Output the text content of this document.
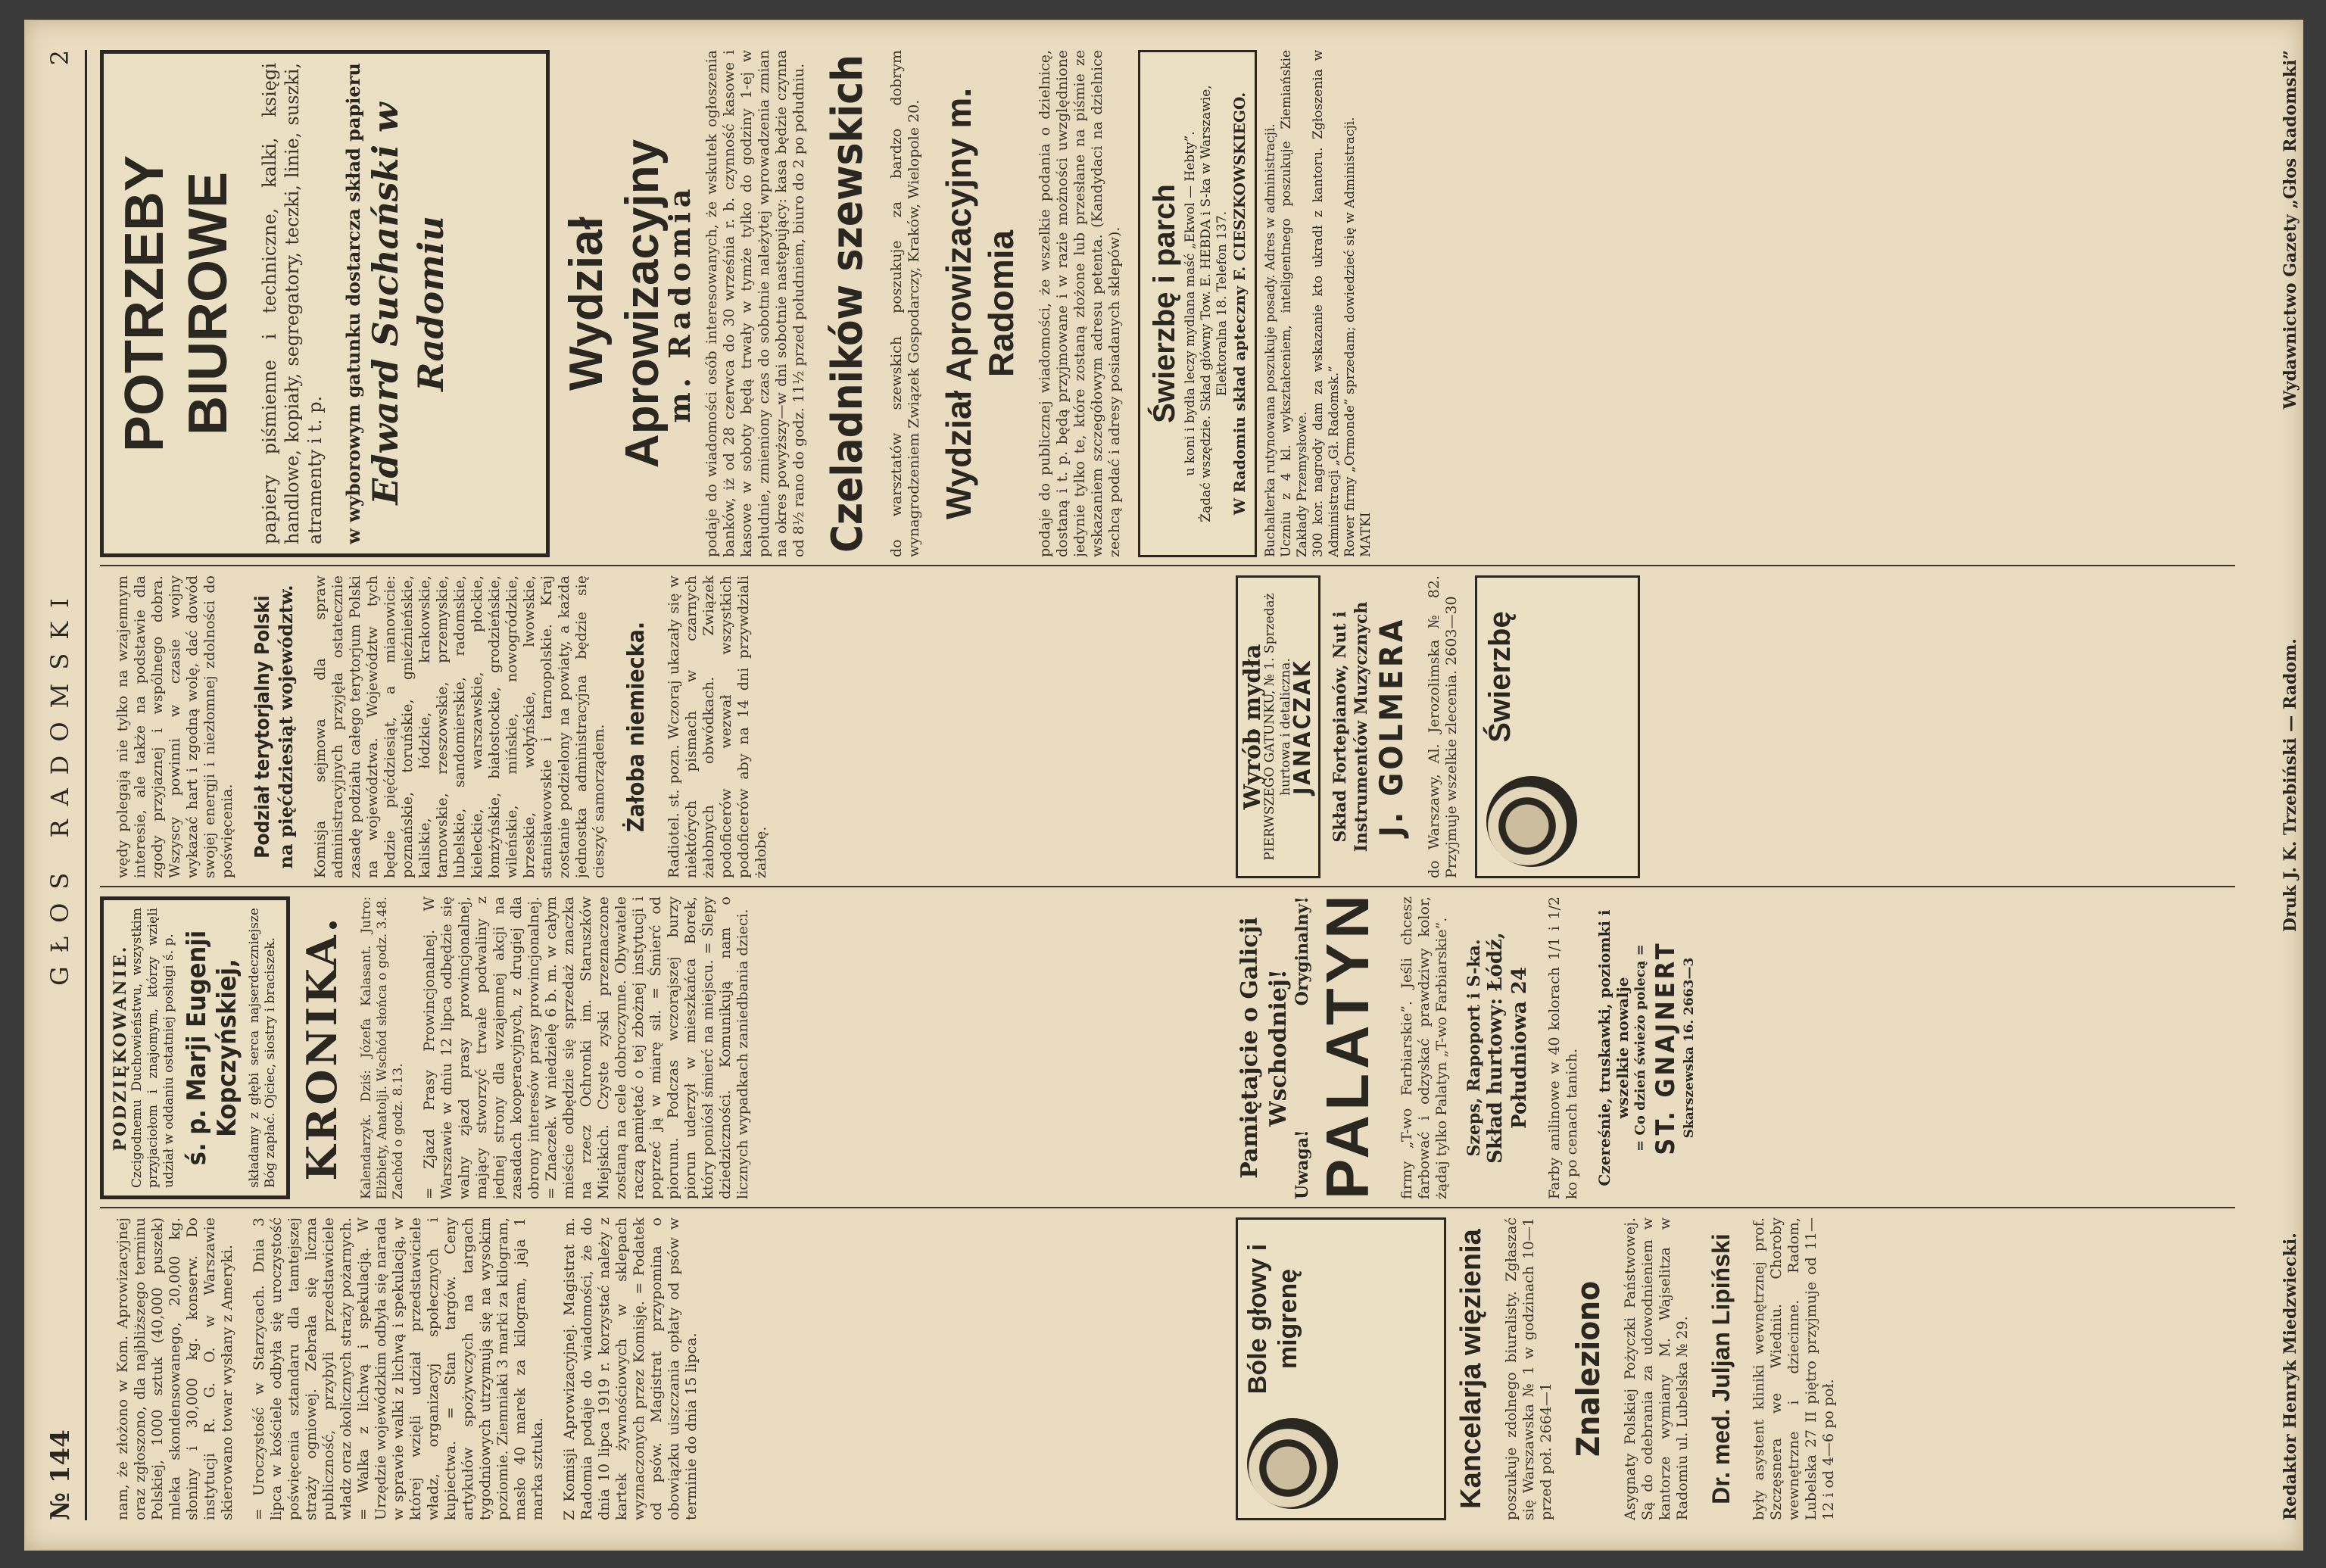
№ 144
GŁOS RADOMSKI
2

nam, że złożono w Kom. Aprowizacyjnej oraz zgłoszono, dla najbliższego terminu Polskiej, 1000 sztuk (40,000 puszek) mleka skondensowanego, 20,000 kg. słoniny i 30,000 kg. konserw. Do instytucji R. G. O. w Warszawie skierowano towar wysłany z Ameryki. = Uroczystość w Starzycach. Dnia 3 lipca w kościele odbyła się uroczystość poświęcenia sztandaru dla tamtejszej straży ogniowej. Zebrała się liczna publiczność, przybyli przedstawiciele władz oraz okolicznych straży pożarnych. = Walka z lichwą i spekulacją. W Urzędzie wojewódzkim odbyła się narada w sprawie walki z lichwą i spekulacją, w której wzięli udział przedstawiciele władz, organizacyj społecznych i kupiectwa. = Stan targów. Ceny artykułów spożywczych na targach tygodniowych utrzymują się na wysokim poziomie. Ziemniaki 3 marki za kilogram, masło 40 marek za kilogram, jaja 1 marka sztuka. Z Komisji Aprowizacyjnej. Magistrat m. Radomia podaje do wiadomości, że do dnia 10 lipca 1919 r. korzystać należy z kartek żywnościowych w sklepach wyznaczonych przez Komisję. = Podatek od psów. Magistrat przypomina o obowiązku uiszczania opłaty od psów w terminie do dnia 15 lipca.

PODZIĘKOWANIE. Czcigodnemu Duchowieństwu, wszystkim przyjaciołom i znajomym, którzy wzięli udział w oddaniu ostatniej posługi ś. p. ś. p. Marji Eugenji Kopczyńskiej, składamy z głębi serca najserdeczniejsze Bóg zapłać. Ojciec, siostry i braciszek. KRONIKA. Kalendarzyk. Dziś: Józefa Kalasant. Jutro: Elżbiety, Anatolji. Wschód słońca o godz. 3.48. Zachód o godz. 8.13. = Zjazd Prasy Prowincjonalnej. W Warszawie w dniu 12 lipca odbędzie się walny zjazd prasy prowincjonalnej, mający stworzyć trwałe podwaliny z jednej strony dla wzajemnej akcji na zasadach kooperacyjnych, z drugiej dla obrony interesów prasy prowincjonalnej. = Znaczek. W niedzielę 6 b. m. w całym mieście odbędzie się sprzedaż znaczka na rzecz Ochronki im. Staruszków Miejskich. Czyste zyski przeznaczone zostaną na cele dobroczynne. Obywatele raczą pamiętać o tej zbożnej instytucji i poprzeć ją w miarę sił. = Śmierć od piorunu. Podczas wczorajszej burzy piorun uderzył w mieszkańca Borek, który poniósł śmierć na miejscu. = Ślepy dziedziczności. Komunikują nam o licznych wypadkach zaniedbania dzieci.

wędy polegają nie tylko na wzajemnym interesie, ale także na podstawie dla zgody przyjaznej i wspólnego dobra. Wszyscy powinni w czasie wojny wykazać hart i zgodną wolę, dać dowód swojej energji i niezłomnej zdolności do poświęcenia. Podział terytorjalny Polski na pięćdziesiąt województw. Komisja sejmowa dla spraw administracyjnych przyjęła ostatecznie zasadę podziału całego terytorjum Polski na województwa. Województw tych będzie pięćdziesiąt, a mianowicie: poznańskie, toruńskie, gnieźnieńskie, kaliskie, łódzkie, krakowskie, tarnowskie, rzeszowskie, przemyskie, lubelskie, sandomierskie, radomskie, kieleckie, warszawskie, płockie, łomżyńskie, białostockie, grodzieńskie, wileńskie, mińskie, nowogródzkie, brzeskie, wołyńskie, lwowskie, stanisławowskie i tarnopolskie. Kraj zostanie podzielony na powiaty, a każda jednostka administracyjna będzie się cieszyć samorządem. Żałoba niemiecka. Radiotel. st. pozn. Wczoraj ukazały się w niektórych pismach w czarnych żałobnych obwódkach. Związek podoficerów wezwał wszystkich podoficerów aby na 14 dni przywdziali żałobę.

Bóle głowy i migrenę	Kancelarja więzienia poszukuje zdolnego biuralisty. Zgłaszać się Warszawska № 1 w godzinach 10—1 przed poł. 2664—1 Znaleziono Asygnaty Polskiej Pożyczki Państwowej. Są do odebrania za udowodnieniem w kantorze wymiany M. Wajselitza w Radomiu ul. Lubelska № 29. Dr. med. Juljan Lipiński były asystent kliniki wewnętrznej prof. Szczęsnera we Wiedniu. Choroby wewnętrzne i dziecinne. Radom, Lubelska 27 II piętro przyjmuje od 11—12 i od 4—6 po poł.

Pamiętajcie o Galicji Wschodniej!
Uwaga!
Oryginalny! PALATYN firmy „T-wo Farbiarskie”. Jeśli chcesz farbować i odzyskać prawdziwy kolor, żądaj tylko Palatyn „T-wo Farbiarskie”. Szeps, Rapoport i S-ka. Skład hurtowy: Łódź, Południowa 24 Farby anilinowe w 40 kolorach 1/1 i 1/2 ko po cenach tanich. Czereśnie, truskawki, poziomki i wszelkie nowalje = Co dzień świeżo polecą = ST. GNAJNERT Skarszewska 16. 2663—3
Wyrób mydła
PIERWSZEGO GATUNKU, № 1. Sprzedaż hurtowa i detaliczna.
JANACZAK Skład Fortepianów, Nut i Instrumentów Muzycznych J. GOLMERA do Warszawy, Al. Jerozolimska № 82. Przyjmuje wszelkie zlecenia. 2603—30 Świerzbę
POTRZEBY BIUROWE papiery piśmienne i techniczne, kalki, księgi handlowe, kopiały, segregatory, teczki, linie, suszki, atramenty i t. p. w wyborowym gatunku dostarcza skład papieru Edward Suchański w Radomiu Wydział Aprowizacyjny
m. Radomia podaje do wiadomości osób interesowanych, że wskutek ogłoszenia banków, iż od 28 czerwca do 30 września r. b. czynność kasowe i kasowe w soboty będą trwały w tymże tylko do godziny 1-ej w południe, zmieniony czas do sobotnie należytej wprowadzenia zmian na okres powyższy—w dni sobotnie następujący: kasa będzie czynna od 8½ rano do godz. 11½ przed południem, biuro do 2 po południu. Czeladników szewskich do warsztatów szewskich poszukuje za bardzo dobrym wynagrodzeniem Związek Gospodarczy, Kraków, Wielopole 20. Wydział Aprowizacyjny m. Radomia podaje do publicznej wiadomości, że wszelkie podania o dzielnicę, dostaną i t. p. będą przyjmowane i w razie możności uwzględnione jedynie tylko te, które zostaną złożone lub przesłane na piśmie ze wskazaniem szczegółowym adresu petenta. (Kandydaci na dzielnice zechcą podać i adresy posiadanych sklepów). Świerzbę i parch u koni i bydła leczy mydlana maść „Ekwol — Hebty”. Żądać wszędzie. Skład główny Tow. E. HEBDA i S-ka w Warszawie, Elektoralna 18. Telefon 137. W Radomiu skład apteczny F. CIESZKOWSKIEGO. Buchalterka rutynowana poszukuje posady. Adres w administracji. Uczniu z 4 kl. wykształceniem, inteligentnego poszukuje Ziemiańskie Zakłady Przemysłowe. 300 kor. nagrody dam za wskazanie kto ukradł z kantoru. Zgłoszenia w Administracji „Gł. Radomsk.” Rower firmy „Ormonde” sprzedam; dowiedzieć się w Administracji. MATKI
Redaktor Henryk Miedzwiecki.
Druk J. K. Trzebiński — Radom.
Wydawnictwo Gazety „Głos Radomski”
